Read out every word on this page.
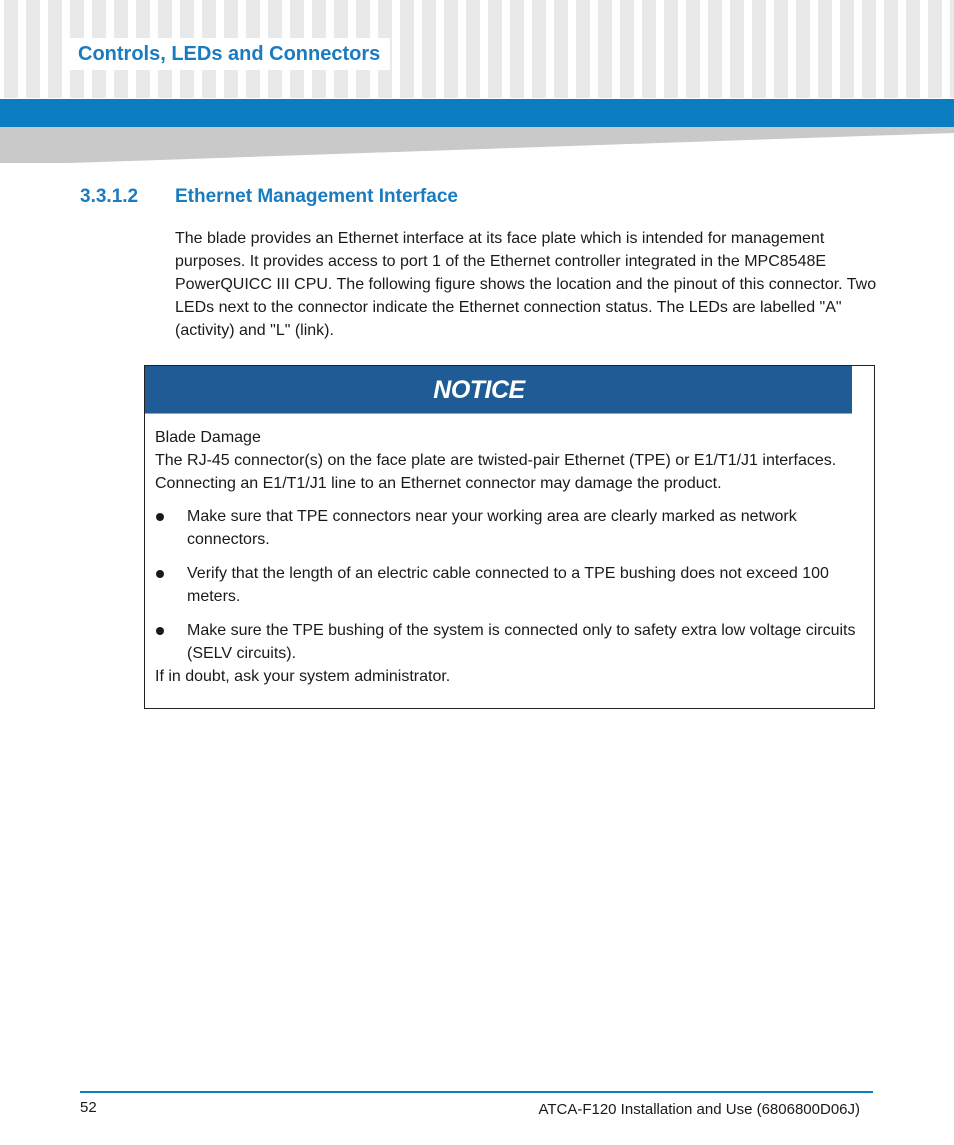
Controls, LEDs and Connectors
3.3.1.2 Ethernet Management Interface
The blade provides an Ethernet interface at its face plate which is intended for management purposes. It provides access to port 1 of the Ethernet controller integrated in the MPC8548E PowerQUICC III CPU. The following figure shows the location and the pinout of this connector. Two LEDs next to the connector indicate the Ethernet connection status. The LEDs are labelled "A" (activity) and "L" (link).
NOTICE

Blade Damage

The RJ-45 connector(s) on the face plate are twisted-pair Ethernet (TPE) or E1/T1/J1 interfaces. Connecting an E1/T1/J1 line to an Ethernet connector may damage the product.

Make sure that TPE connectors near your working area are clearly marked as network connectors.
Verify that the length of an electric cable connected to a TPE bushing does not exceed 100 meters.
Make sure the TPE bushing of the system is connected only to safety extra low voltage circuits (SELV circuits).

If in doubt, ask your system administrator.

52	ATCA-F120 Installation and Use (6806800D06J)
